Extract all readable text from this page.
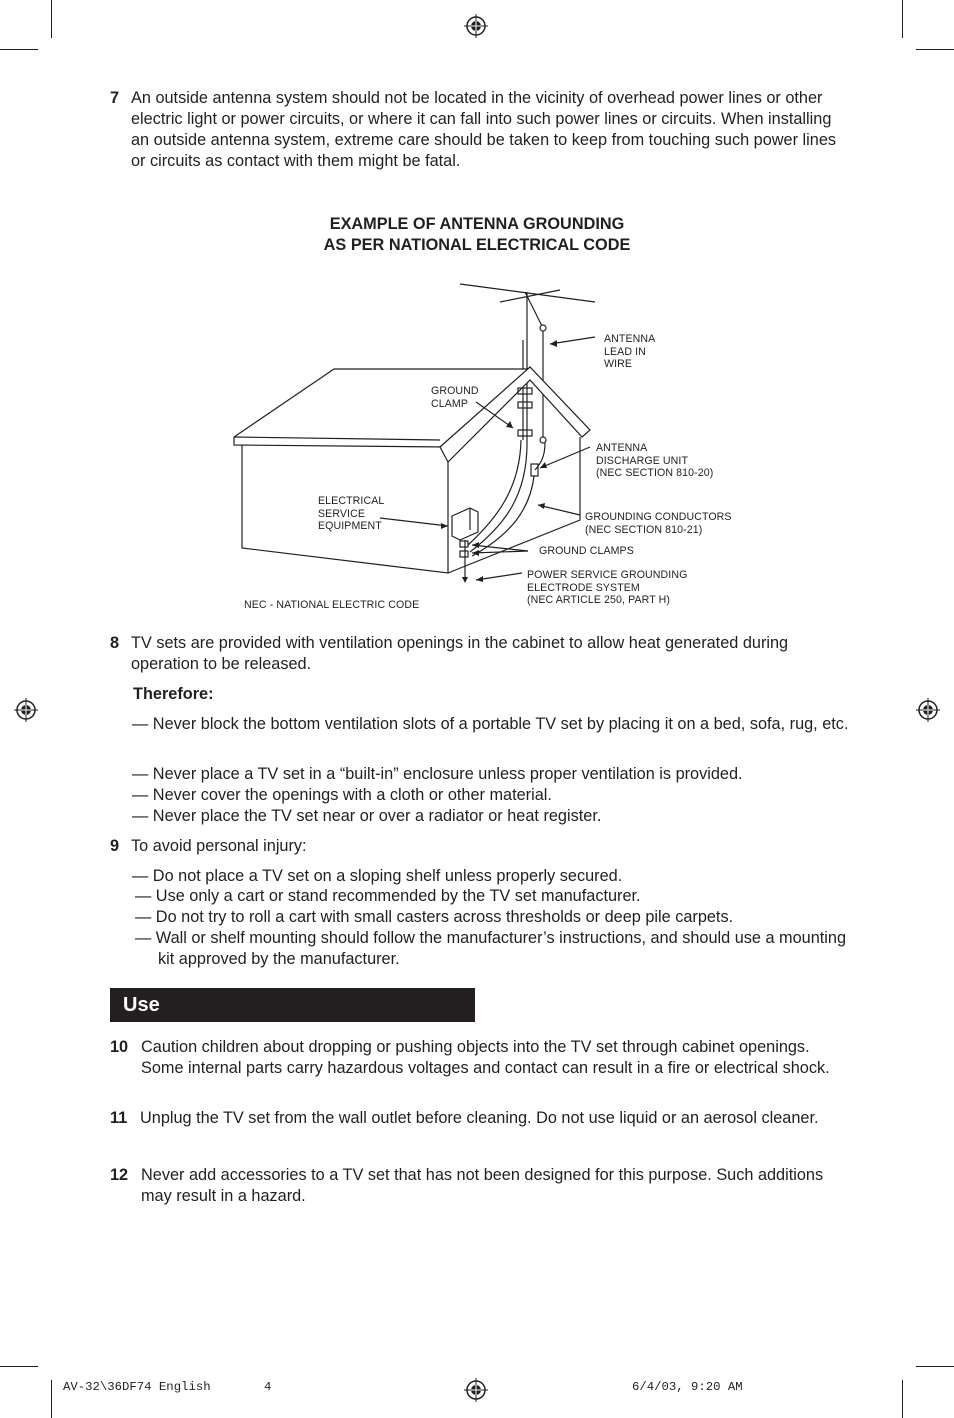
7 An outside antenna system should not be located in the vicinity of overhead power lines or other electric light or power circuits, or where it can fall into such power lines or circuits. When installing an outside antenna system, extreme care should be taken to keep from touching such power lines or circuits as contact with them might be fatal.
EXAMPLE OF ANTENNA GROUNDING
AS PER NATIONAL ELECTRICAL CODE
ANTENNA
LEAD IN
WIRE
GROUND
CLAMP
ANTENNA
DISCHARGE UNIT
(NEC SECTION 810-20)
ELECTRICAL
SERVICE
EQUIPMENT
GROUNDING CONDUCTORS
(NEC SECTION 810-21)
GROUND CLAMPS
POWER SERVICE GROUNDING
ELECTRODE SYSTEM
(NEC ARTICLE 250, PART H)
NEC - NATIONAL ELECTRIC CODE
8 TV sets are provided with ventilation openings in the cabinet to allow heat generated during operation to be released.
Therefore:
— Never block the bottom ventilation slots of a portable TV set by placing it on a bed, sofa, rug, etc.
— Never place a TV set in a “built-in” enclosure unless proper ventilation is provided.
— Never cover the openings with a cloth or other material.
— Never place the TV set near or over a radiator or heat register.
9 To avoid personal injury:
— Do not place a TV set on a sloping shelf unless properly secured.
— Use only a cart or stand recommended by the TV set manufacturer.
— Do not try to roll a cart with small casters across thresholds or deep pile carpets.
— Wall or shelf mounting should follow the manufacturer’s instructions, and should use a mounting kit approved by the manufacturer.
Use
10 Caution children about dropping or pushing objects into the TV set through cabinet openings. Some internal parts carry hazardous voltages and contact can result in a fire or electrical shock.
11 Unplug the TV set from the wall outlet before cleaning. Do not use liquid or an aerosol cleaner.
12 Never add accessories to a TV set that has not been designed for this purpose. Such additions may result in a hazard.
AV-32\36DF74 English	4	6/4/03, 9:20 AM
